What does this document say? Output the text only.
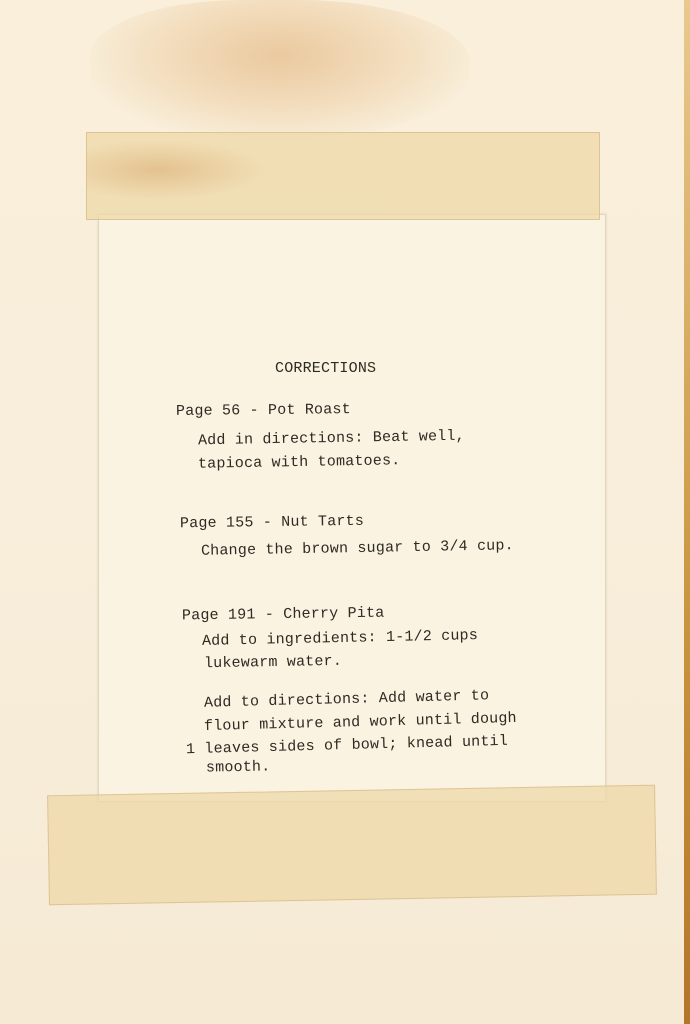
CORRECTIONS
Page 56 - Pot Roast
Add in directions: Beat well,
tapioca with tomatoes.
Page 155 - Nut Tarts
Change the brown sugar to 3/4 cup.
Page 191 - Cherry Pita
Add to ingredients: 1-1/2 cups
lukewarm water.
Add to directions: Add water to
flour mixture and work until dough
1 leaves sides of bowl; knead until
smooth.
